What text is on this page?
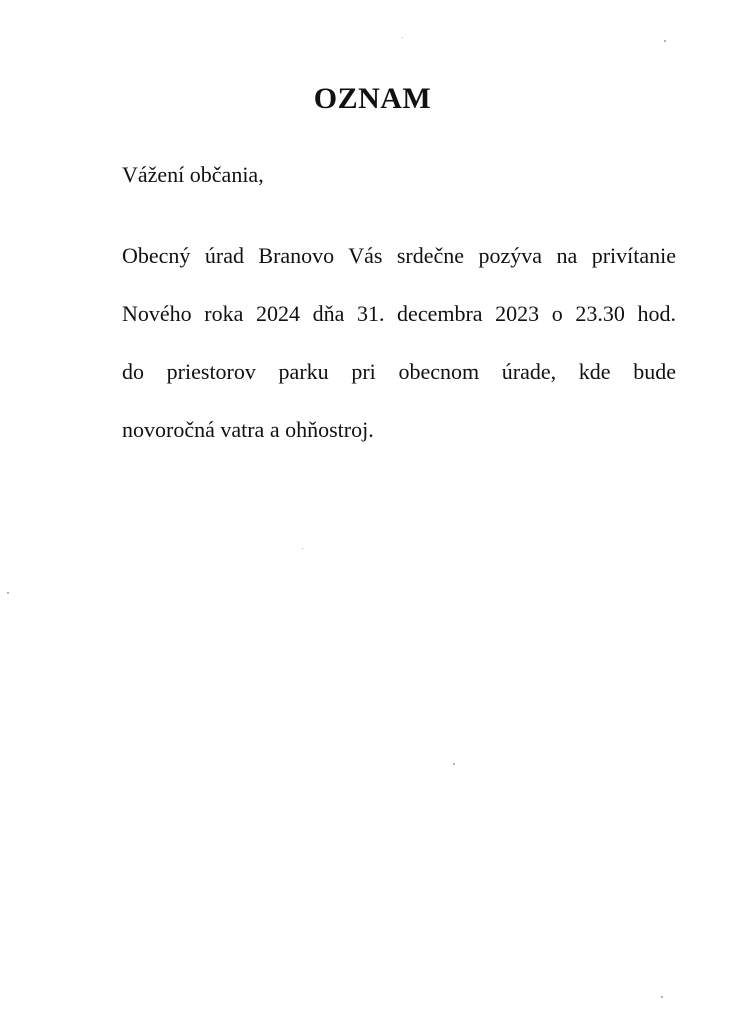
OZNAM

Vážení občania,

Obecný úrad Branovo Vás srdečne pozýva na privítanie
Nového roka 2024 dňa 31. decembra 2023 o 23.30 hod.
do priestorov parku pri obecnom úrade, kde bude
novoročná vatra a ohňostroj.
